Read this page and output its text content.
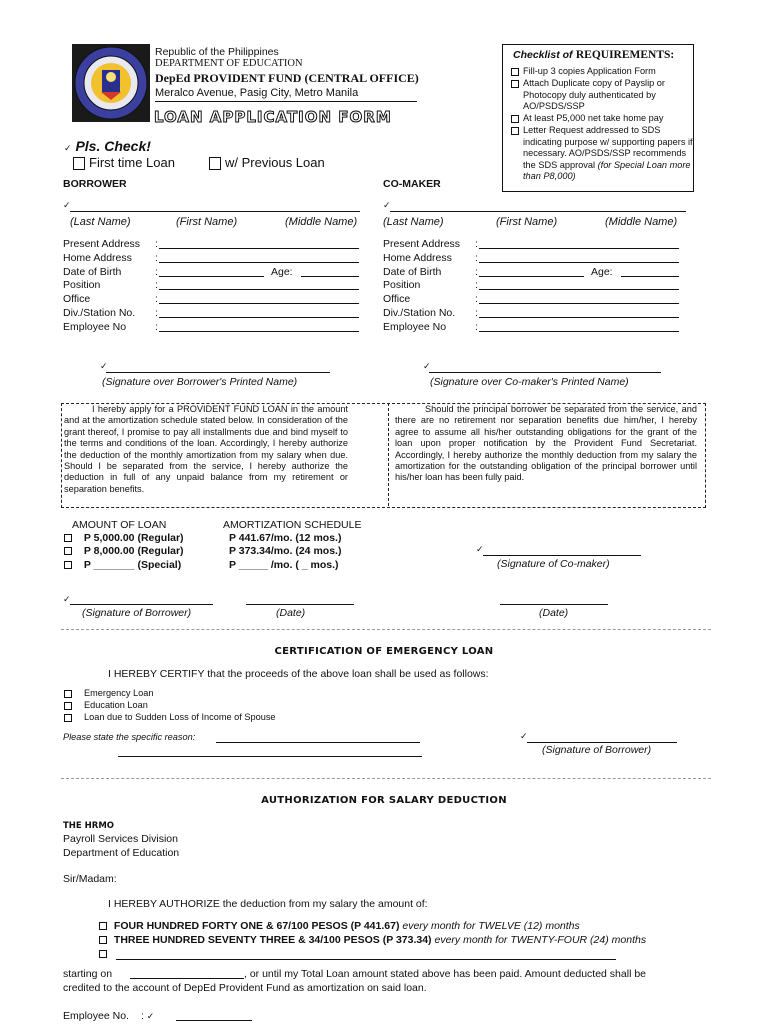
Republic of the Philippines
DEPARTMENT OF EDUCATION
DepEd PROVIDENT FUND (CENTRAL OFFICE)
Meralco Avenue, Pasig City, Metro Manila
LOAN APPLICATION FORM
Checklist of REQUIREMENTS:
Fill-up 3 copies Application Form
Attach Duplicate copy of Payslip or Photocopy duly authenticated by AO/PSDS/SSP
At least P5,000 net take home pay
Letter Request addressed to SDS indicating purpose w/ supporting papers if necessary. AO/PSDS/SSP recommends the SDS approval (for Special Loan more than P8,000)
✓ Pls. Check!
First time Loan	w/ Previous Loan
BORROWER	CO-MAKER
✓	✓
(Last Name)	(First Name)	(Middle Name) (Last Name)	(First Name)	(Middle Name)
Present Address :
Home Address :
Date of Birth	:	Age:
Position	:
Office	:
Div./Station No. :
Employee No	:
Present Address :
Home Address :
Date of Birth	:	Age:
Position	:
Office	:
Div./Station No. :
Employee No	:
✓
(Signature over Borrower's Printed Name)
✓
(Signature over Co-maker's Printed Name)
I hereby apply for a PROVIDENT FUND LOAN in the amount and at the amortization schedule stated below. In consideration of the grant thereof, I promise to pay all installments due and bind myself to the terms and conditions of the loan. Accordingly, I hereby authorize the deduction of the monthly amortization from my salary when due. Should I be separated from the service, I hereby authorize the deduction in full of any unpaid balance from my retirement or separation benefits.
Should the principal borrower be separated from the service, and there are no retirement nor separation benefits due him/her, I hereby agree to assume all his/her outstanding obligations for the grant of the loan upon proper notification by the Provident Fund Secretariat. Accordingly, I hereby authorize the monthly deduction from my salary the amortization for the outstanding obligation of the principal borrower until his/her loan has been fully paid.
AMOUNT OF LOAN	AMORTIZATION SCHEDULE
P 5,000.00 (Regular)	P 441.67/mo. (12 mos.)
P 8,000.00 (Regular)	P 373.34/mo. (24 mos.)
P _______ (Special)	P _____ /mo. ( _ mos.)
✓
(Signature of Co-maker)
✓
(Signature of Borrower)	(Date)	(Date)
CERTIFICATION OF EMERGENCY LOAN
I HEREBY CERTIFY that the proceeds of the above loan shall be used as follows:
Emergency Loan
Education Loan
Loan due to Sudden Loss of Income of Spouse
Please state the specific reason:	✓
(Signature of Borrower)
AUTHORIZATION FOR SALARY DEDUCTION
THE HRMO
Payroll Services Division
Department of Education
Sir/Madam:
I HEREBY AUTHORIZE the deduction from my salary the amount of:
FOUR HUNDRED FORTY ONE & 67/100 PESOS (P 441.67) every month for TWELVE (12) months
THREE HUNDRED SEVENTY THREE & 34/100 PESOS (P 373.34) every month for TWENTY-FOUR (24) months
starting on	, or until my Total Loan amount stated above has been paid. Amount deducted shall be
credited to the account of DepEd Provident Fund as amortization on said loan.
Employee No. : ✓
